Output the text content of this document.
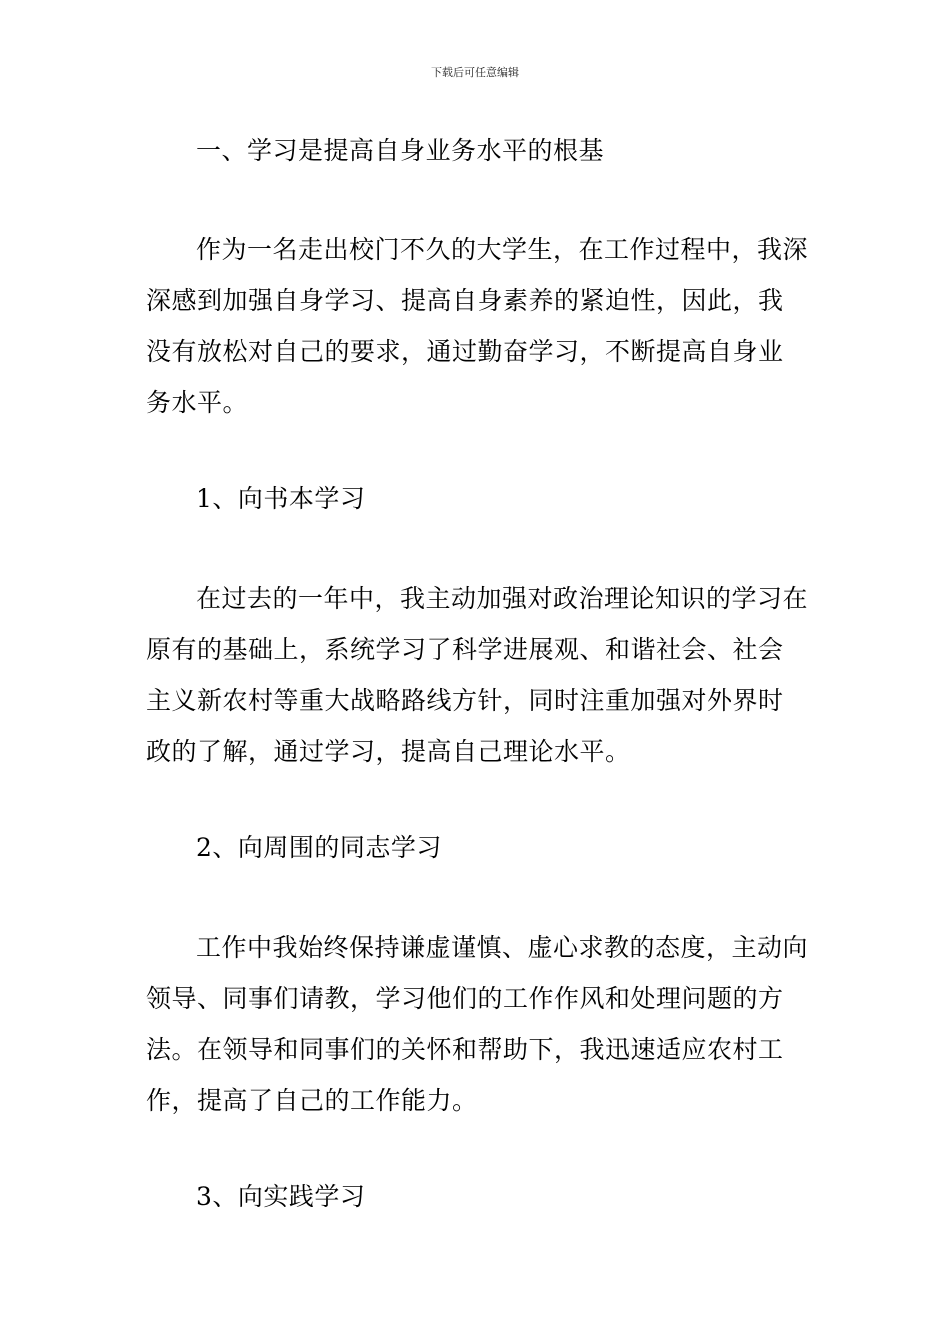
下载后可任意编辑

一、学习是提高自身业务水平的根基

作为一名走出校门不久的大学生，在工作过程中，我深深感到加强自身学习、提高自身素养的紧迫性，因此，我没有放松对自己的要求，通过勤奋学习，不断提高自身业务水平。

1、向书本学习

在过去的一年中，我主动加强对政治理论知识的学习在原有的基础上，系统学习了科学进展观、和谐社会、社会主义新农村等重大战略路线方针，同时注重加强对外界时政的了解，通过学习，提高自己理论水平。

2、向周围的同志学习

工作中我始终保持谦虚谨慎、虚心求教的态度，主动向领导、同事们请教，学习他们的工作作风和处理问题的方法。在领导和同事们的关怀和帮助下，我迅速适应农村工作，提高了自己的工作能力。

3、向实践学习
